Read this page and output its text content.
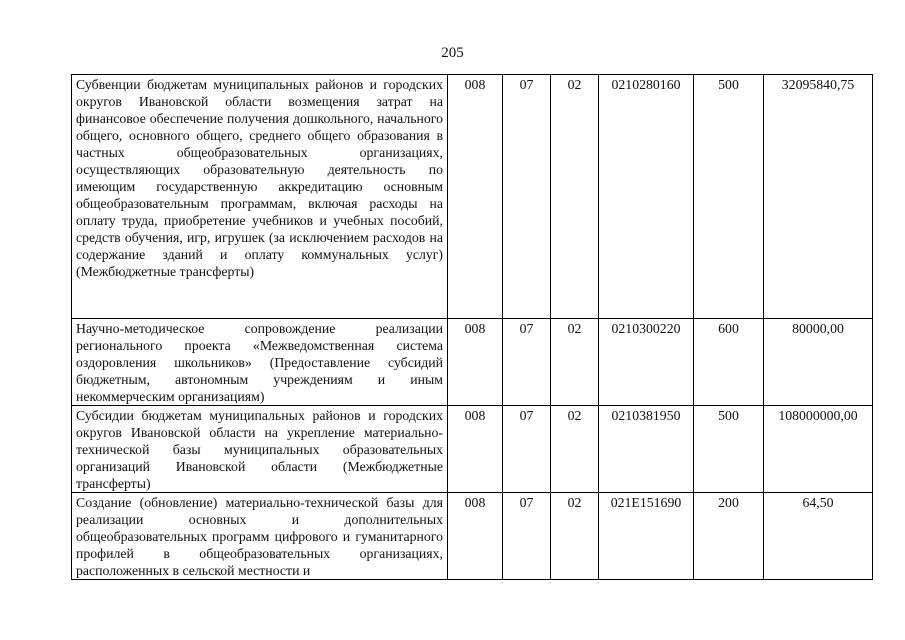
205
Субвенции бюджетам муниципальных районов и городских округов Ивановской области возмещения затрат на финансовое обеспечение получения дошкольного, начального общего, основного общего, среднего общего образования в частных общеобразовательных организациях, осуществляющих образовательную деятельность по имеющим государственную аккредитацию основным общеобразовательным программам, включая расходы на оплату труда, приобретение учебников и учебных пособий, средств обучения, игр, игрушек (за исключением расходов на содержание зданий и оплату коммунальных услуг) (Межбюджетные трансферты)	008	07	02	0210280160	500	32095840,75
Научно-методическое сопровождение реализации регионального проекта «Межведомственная система оздоровления школьников» (Предоставление субсидий бюджетным, автономным учреждениям и иным некоммерческим организациям)	008	07	02	0210300220	600	80000,00
Субсидии бюджетам муниципальных районов и городских округов Ивановской области на укрепление материально-технической базы муниципальных образовательных организаций Ивановской области (Межбюджетные трансферты)	008	07	02	0210381950	500	108000000,00
Создание (обновление) материально-технической базы для реализации основных и дополнительных общеобразовательных программ цифрового и гуманитарного профилей в общеобразовательных организациях, расположенных в сельской местности и	008	07	02	021E151690	200	64,50
